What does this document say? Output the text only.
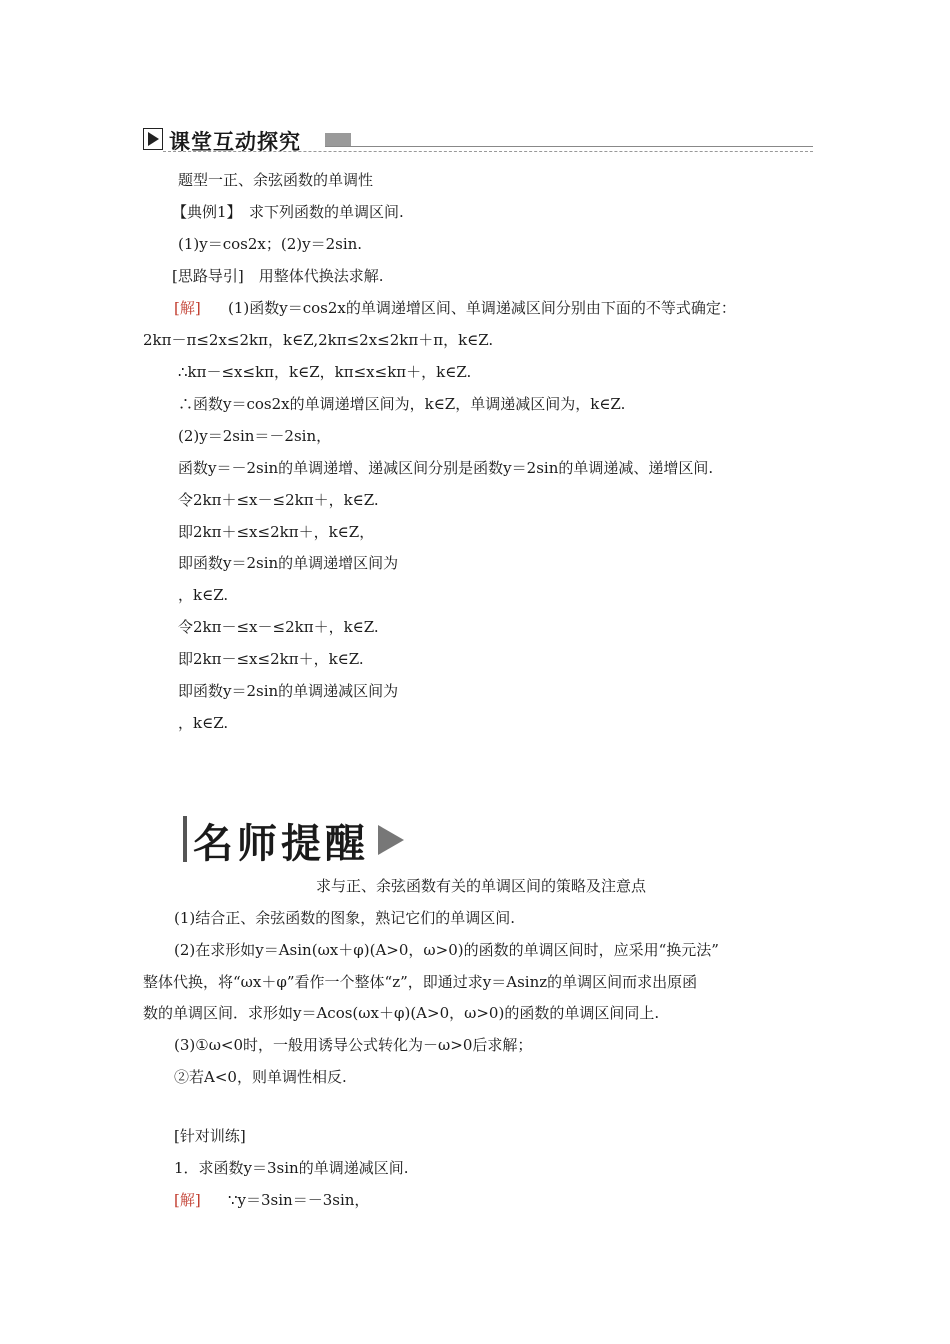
课堂互动探究
题型一正、余弦函数的单调性
【典例1】　求下列函数的单调区间.
(1)y＝cos2x；(2)y＝2sin.
[思路导引]　用整体代换法求解.
[解] (1)函数y＝cos2x的单调递增区间、单调递减区间分别由下面的不等式确定：
2kπ－π≤2x≤2kπ，k∈Z,2kπ≤2x≤2kπ＋π，k∈Z.
∴kπ－≤x≤kπ，k∈Z，kπ≤x≤kπ＋，k∈Z.
∴函数y＝cos2x的单调递增区间为，k∈Z，单调递减区间为，k∈Z.
(2)y＝2sin＝－2sin，
函数y＝－2sin的单调递增、递减区间分别是函数y＝2sin的单调递减、递增区间.
令2kπ＋≤x－≤2kπ＋，k∈Z.
即2kπ＋≤x≤2kπ＋，k∈Z，
即函数y＝2sin的单调递增区间为
，k∈Z.
令2kπ－≤x－≤2kπ＋，k∈Z.
即2kπ－≤x≤2kπ＋，k∈Z.
即函数y＝2sin的单调递减区间为
，k∈Z.
名师提醒
求与正、余弦函数有关的单调区间的策略及注意点
(1)结合正、余弦函数的图象，熟记它们的单调区间.
(2)在求形如y＝Asin(ωx＋φ)(A>0，ω>0)的函数的单调区间时，应采用“换元法”
整体代换，将“ωx＋φ”看作一个整体“z”，即通过求y＝Asinz的单调区间而求出原函
数的单调区间．求形如y＝Acos(ωx＋φ)(A>0，ω>0)的函数的单调区间同上.
(3)①ω<0时，一般用诱导公式转化为－ω>0后求解；
②若A<0，则单调性相反.
[针对训练]
1．求函数y＝3sin的单调递减区间.
[解] ∵y＝3sin＝－3sin，
